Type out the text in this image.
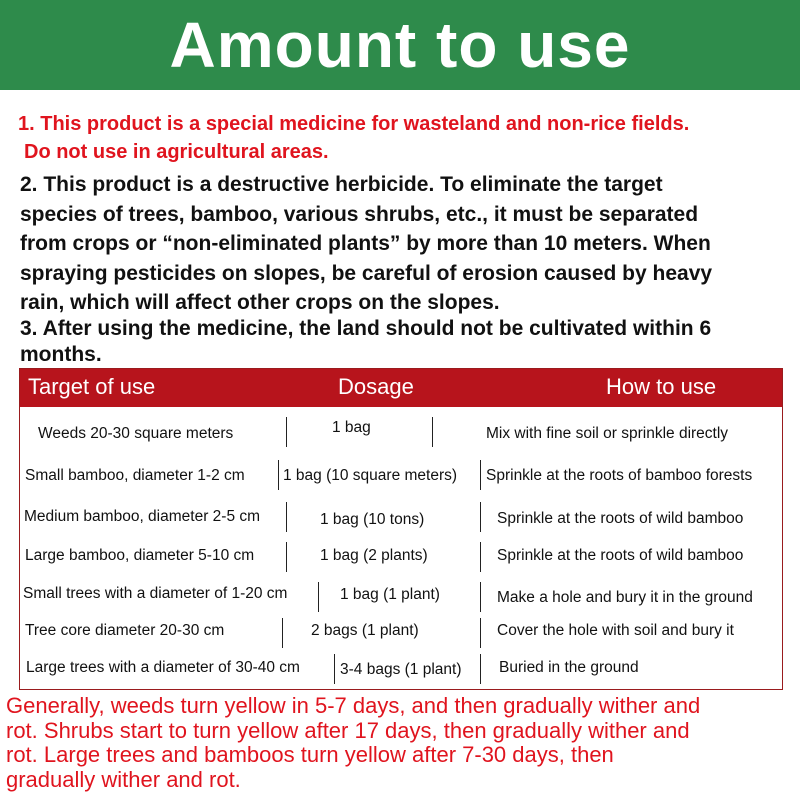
Amount to use

1. This product is a special medicine for wasteland and non-rice fields.
Do not use in agricultural areas.

2. This product is a destructive herbicide. To eliminate the target
species of trees, bamboo, various shrubs, etc., it must be separated
from crops or “non-eliminated plants” by more than 10 meters. When
spraying pesticides on slopes, be careful of erosion caused by heavy
rain, which will affect other crops on the slopes.

3. After using the medicine, the land should not be cultivated within 6
months.

Target of use	Dosage	How to use
Weeds 20-30 square meters	1 bag	Mix with fine soil or sprinkle directly
Small bamboo, diameter 1-2 cm 1 bag (10 square meters) Sprinkle at the roots of bamboo forests
Medium bamboo, diameter 2-5 cm	1 bag (10 tons)	Sprinkle at the roots of wild bamboo
Large bamboo, diameter 5-10 cm	1 bag (2 plants)	Sprinkle at the roots of wild bamboo
Small trees with a diameter of 1-20 cm	1 bag (1 plant)	Make a hole and bury it in the ground
Tree core diameter 20-30 cm	2 bags (1 plant)	Cover the hole with soil and bury it
Large trees with a diameter of 30-40 cm	3-4 bags (1 plant) Buried in the ground

Generally, weeds turn yellow in 5-7 days, and then gradually wither and
rot. Shrubs start to turn yellow after 17 days, then gradually wither and
rot. Large trees and bamboos turn yellow after 7-30 days, then
gradually wither and rot.
